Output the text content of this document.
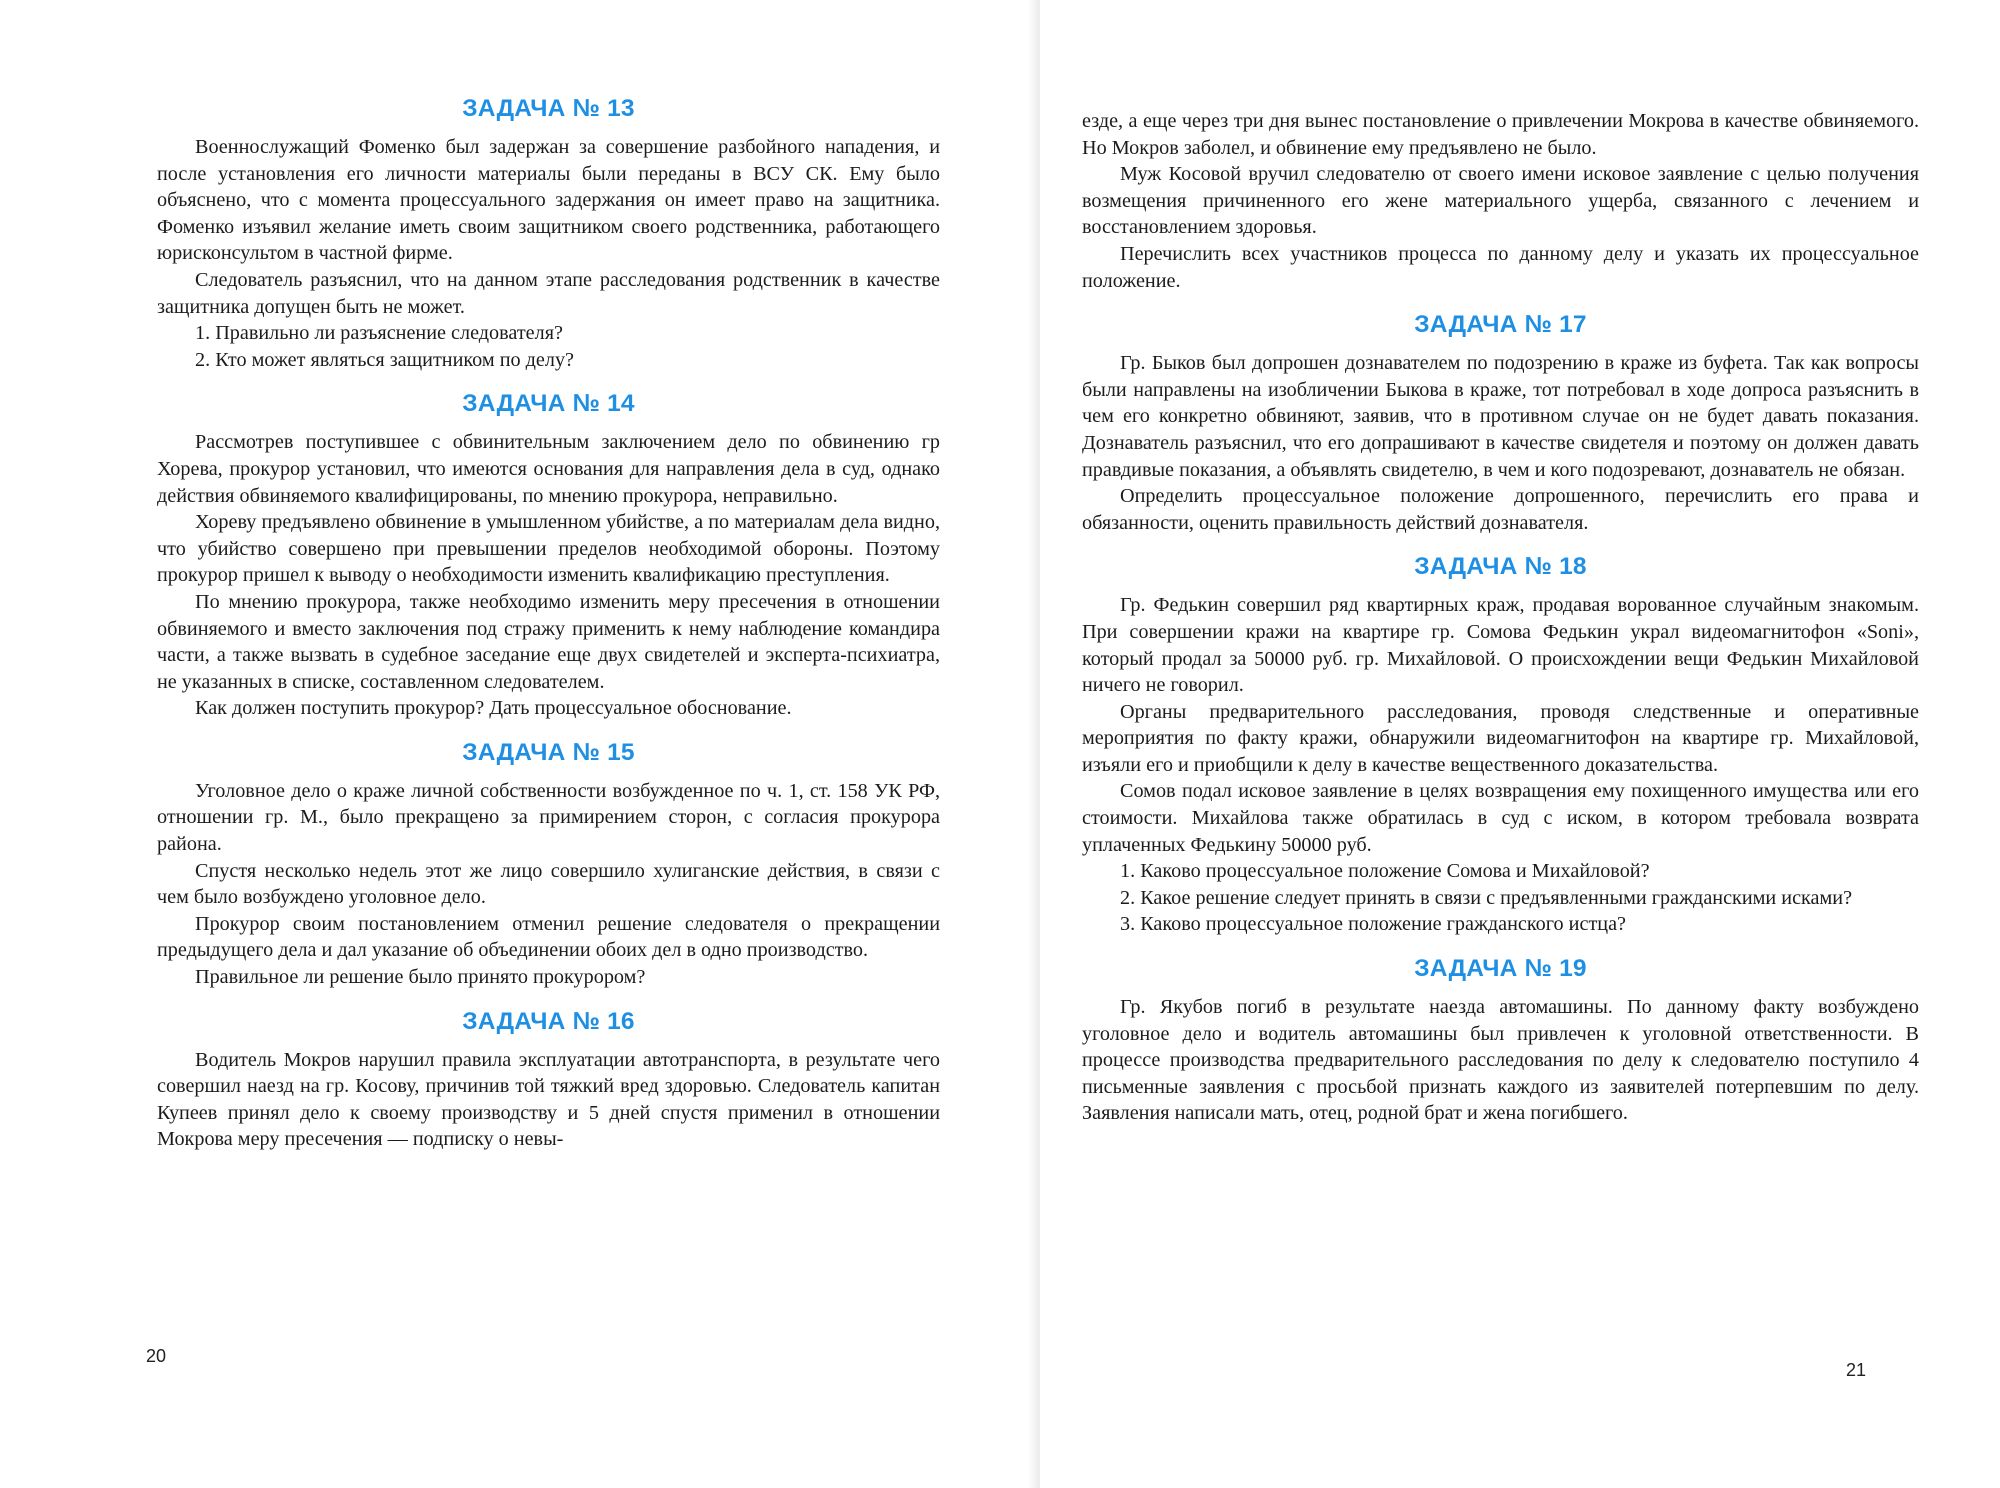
ЗАДАЧА № 13

Военнослужащий Фоменко был задержан за совершение разбойного нападения, и после установления его личности материалы были переданы в ВСУ СК. Ему было объяснено, что с момента процессуального задержания он имеет право на защитника. Фоменко изъявил желание иметь своим защитником своего родственника, работающего юрисконсультом в частной фирме.

Следователь разъяснил, что на данном этапе расследования родственник в качестве защитника допущен быть не может.

1. Правильно ли разъяснение следователя?

2. Кто может являться защитником по делу?

ЗАДАЧА № 14

Рассмотрев поступившее с обвинительным заключением дело по обвинению гр Хорева, прокурор установил, что имеются основания для направления дела в суд, однако действия обвиняемого квалифицированы, по мнению прокурора, неправильно.

Хореву предъявлено обвинение в умышленном убийстве, а по материалам дела видно, что убийство совершено при превышении пределов необходимой обороны. Поэтому прокурор пришел к выводу о необходимости изменить квалификацию преступления.

По мнению прокурора, также необходимо изменить меру пресечения в отношении обвиняемого и вместо заключения под стражу применить к нему наблюдение командира части, а также вызвать в судебное заседание еще двух свидетелей и эксперта-психиатра, не указанных в списке, составленном следователем.

Как должен поступить прокурор? Дать процессуальное обоснование.

ЗАДАЧА № 15

Уголовное дело о краже личной собственности возбужденное по ч. 1, ст. 158 УК РФ, отношении гр. М., было прекращено за примирением сторон, с согласия прокурора района.

Спустя несколько недель этот же лицо совершило хулиганские действия, в связи с чем было возбуждено уголовное дело.

Прокурор своим постановлением отменил решение следователя о прекращении предыдущего дела и дал указание об объединении обоих дел в одно производство.

Правильное ли решение было принято прокурором?

ЗАДАЧА № 16

Водитель Мокров нарушил правила эксплуатации автотранспорта, в результате чего совершил наезд на гр. Косову, причинив той тяжкий вред здоровью. Следователь капитан Купеев принял дело к своему производству и 5 дней спустя применил в отношении Мокрова меру пресечения — подписку о невы-

20

езде, а еще через три дня вынес постановление о привлечении Мокрова в качестве обвиняемого. Но Мокров заболел, и обвинение ему предъявлено не было.

Муж Косовой вручил следователю от своего имени исковое заявление с целью получения возмещения причиненного его жене материального ущерба, связанного с лечением и восстановлением здоровья.

Перечислить всех участников процесса по данному делу и указать их процессуальное положение.

ЗАДАЧА № 17

Гр. Быков был допрошен дознавателем по подозрению в краже из буфета. Так как вопросы были направлены на изобличении Быкова в краже, тот потребовал в ходе допроса разъяснить в чем его конкретно обвиняют, заявив, что в противном случае он не будет давать показания. Дознаватель разъяснил, что его допрашивают в качестве свидетеля и поэтому он должен давать правдивые показания, а объявлять свидетелю, в чем и кого подозревают, дознаватель не обязан.

Определить процессуальное положение допрошенного, перечислить его права и обязанности, оценить правильность действий дознавателя.

ЗАДАЧА № 18

Гр. Федькин совершил ряд квартирных краж, продавая ворованное случайным знакомым. При совершении кражи на квартире гр. Сомова Федькин украл видеомагнитофон «Soni», который продал за 50000 руб. гр. Михайловой. О происхождении вещи Федькин Михайловой ничего не говорил.

Органы предварительного расследования, проводя следственные и оперативные мероприятия по факту кражи, обнаружили видеомагнитофон на квартире гр. Михайловой, изъяли его и приобщили к делу в качестве вещественного доказательства.

Сомов подал исковое заявление в целях возвращения ему похищенного имущества или его стоимости. Михайлова также обратилась в суд с иском, в котором требовала возврата уплаченных Федькину 50000 руб.

1. Каково процессуальное положение Сомова и Михайловой?

2. Какое решение следует принять в связи с предъявленными гражданскими исками?

3. Каково процессуальное положение гражданского истца?

ЗАДАЧА № 19

Гр. Якубов погиб в результате наезда автомашины. По данному факту возбуждено уголовное дело и водитель автомашины был привлечен к уголовной ответственности. В процессе производства предварительного расследования по делу к следователю поступило 4 письменные заявления с просьбой признать каждого из заявителей потерпевшим по делу. Заявления написали мать, отец, родной брат и жена погибшего.

21
